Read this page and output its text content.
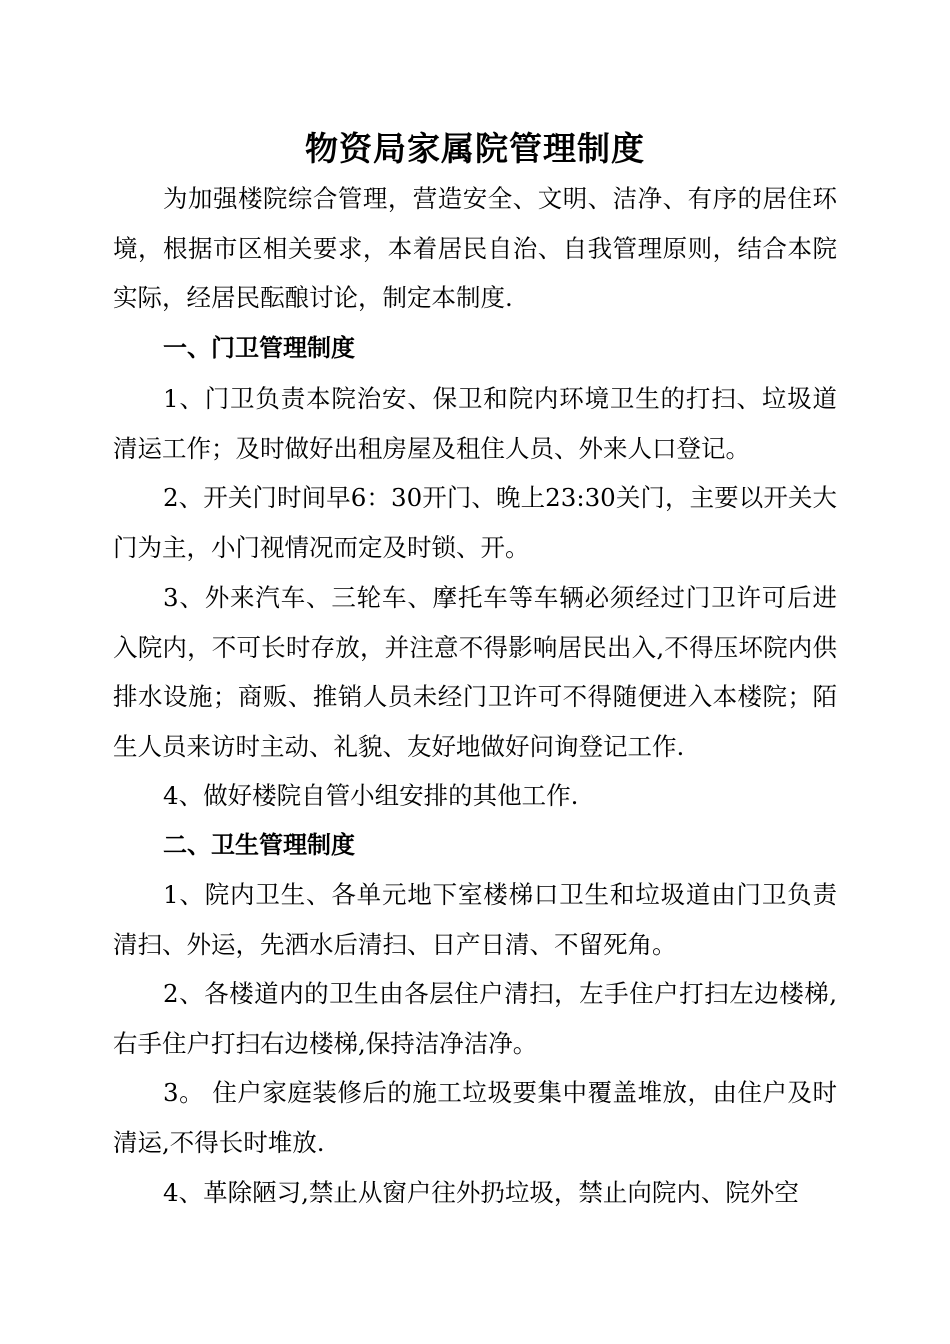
物资局家属院管理制度

为加强楼院综合管理，营造安全、文明、洁净、有序的居住环境，根据市区相关要求，本着居民自治、自我管理原则，结合本院实际，经居民酝酿讨论，制定本制度.

一、门卫管理制度

1、门卫负责本院治安、保卫和院内环境卫生的打扫、垃圾道清运工作；及时做好出租房屋及租住人员、外来人口登记。

2、开关门时间早6：30开门、晚上23:30关门，主要以开关大门为主，小门视情况而定及时锁、开。

3、外来汽车、三轮车、摩托车等车辆必须经过门卫许可后进入院内，不可长时存放，并注意不得影响居民出入,不得压坏院内供排水设施；商贩、推销人员未经门卫许可不得随便进入本楼院；陌生人员来访时主动、礼貌、友好地做好问询登记工作.

4、做好楼院自管小组安排的其他工作.

二、卫生管理制度

1、院内卫生、各单元地下室楼梯口卫生和垃圾道由门卫负责清扫、外运，先洒水后清扫、日产日清、不留死角。

2、各楼道内的卫生由各层住户清扫，左手住户打扫左边楼梯,右手住户打扫右边楼梯,保持洁净洁净。

3。 住户家庭装修后的施工垃圾要集中覆盖堆放，由住户及时清运,不得长时堆放.

4、革除陋习,禁止从窗户往外扔垃圾，禁止向院内、院外空
